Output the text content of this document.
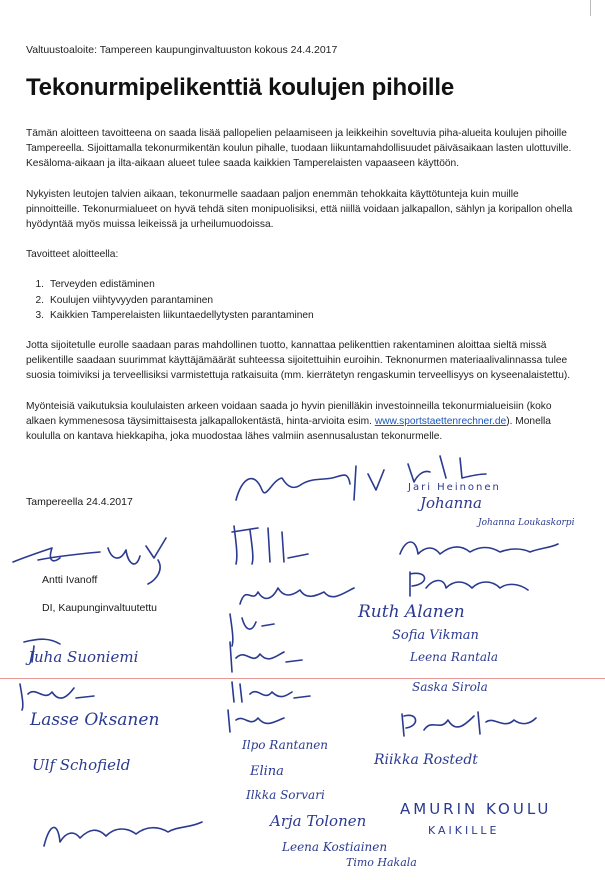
Valtuustoaloite: Tampereen kaupunginvaltuuston kokous 24.4.2017
Tekonurmipelikenttiä koulujen pihoille

Tämän aloitteen tavoitteena on saada lisää pallopelien pelaamiseen ja leikkeihin soveltuvia piha-alueita koulujen pihoille Tampereella. Sijoittamalla tekonurmikentän koulun pihalle, tuodaan liikuntamahdollisuudet päiväsaikaan lasten ulottuville. Kesäloma-aikaan ja ilta-aikaan alueet tulee saada kaikkien Tamperelaisten vapaaseen käyttöön.

Nykyisten leutojen talvien aikaan, tekonurmelle saadaan paljon enemmän tehokkaita käyttötunteja kuin muille pinnoitteille. Tekonurmialueet on hyvä tehdä siten monipuolisiksi, että niillä voidaan jalkapallon, sählyn ja koripallon ohella hyödyntää myös muissa leikeissä ja urheilumuodoissa.

Tavoitteet aloitteella:

1. Terveyden edistäminen
2. Koulujen viihtyvyyden parantaminen
3. Kaikkien Tamperelaisten liikuntaedellytysten parantaminen

Jotta sijoitetulle eurolle saadaan paras mahdollinen tuotto, kannattaa pelikenttien rakentaminen aloittaa sieltä missä pelikentille saadaan suurimmat käyttäjämäärät suhteessa sijoitettuihin euroihin. Teknonurmen materiaalivalinnassa tulee suosia toimiviksi ja terveellisiksi varmistettuja ratkaisuita (mm. kierrätetyn rengaskumin terveellisyys on kyseenalaistettu).

Myönteisiä vaikutuksia koululaisten arkeen voidaan saada jo hyvin pienilläkin investoinneilla tekonurmialueisiin (koko alkaen kymmenesosa täysimittaisesta jalkapallokentästä, hinta-arvioita esim. www.sportstaettenrechner.de). Monella koululla on kantava hiekkapiha, joka muodostaa lähes valmiin asennusalustan tekonurmelle.

Tampereella 24.4.2017
Antti Ivanoff
DI, Kaupunginvaltuutettu
Jari Heinonen
Johanna
Johanna Loukaskorpi
Ruth Alanen
Juha Suoniemi
Sofia Vikman
Leena Rantala
Saska Sirola
Lasse Oksanen
Ilpo Rantanen
Ulf Schofield	Riikka Rostedt
Elina
Ilkka Sorvari
AMURIN KOULU
KAIKILLE
Arja Tolonen
Leena Kostiainen
Timo Hakala
